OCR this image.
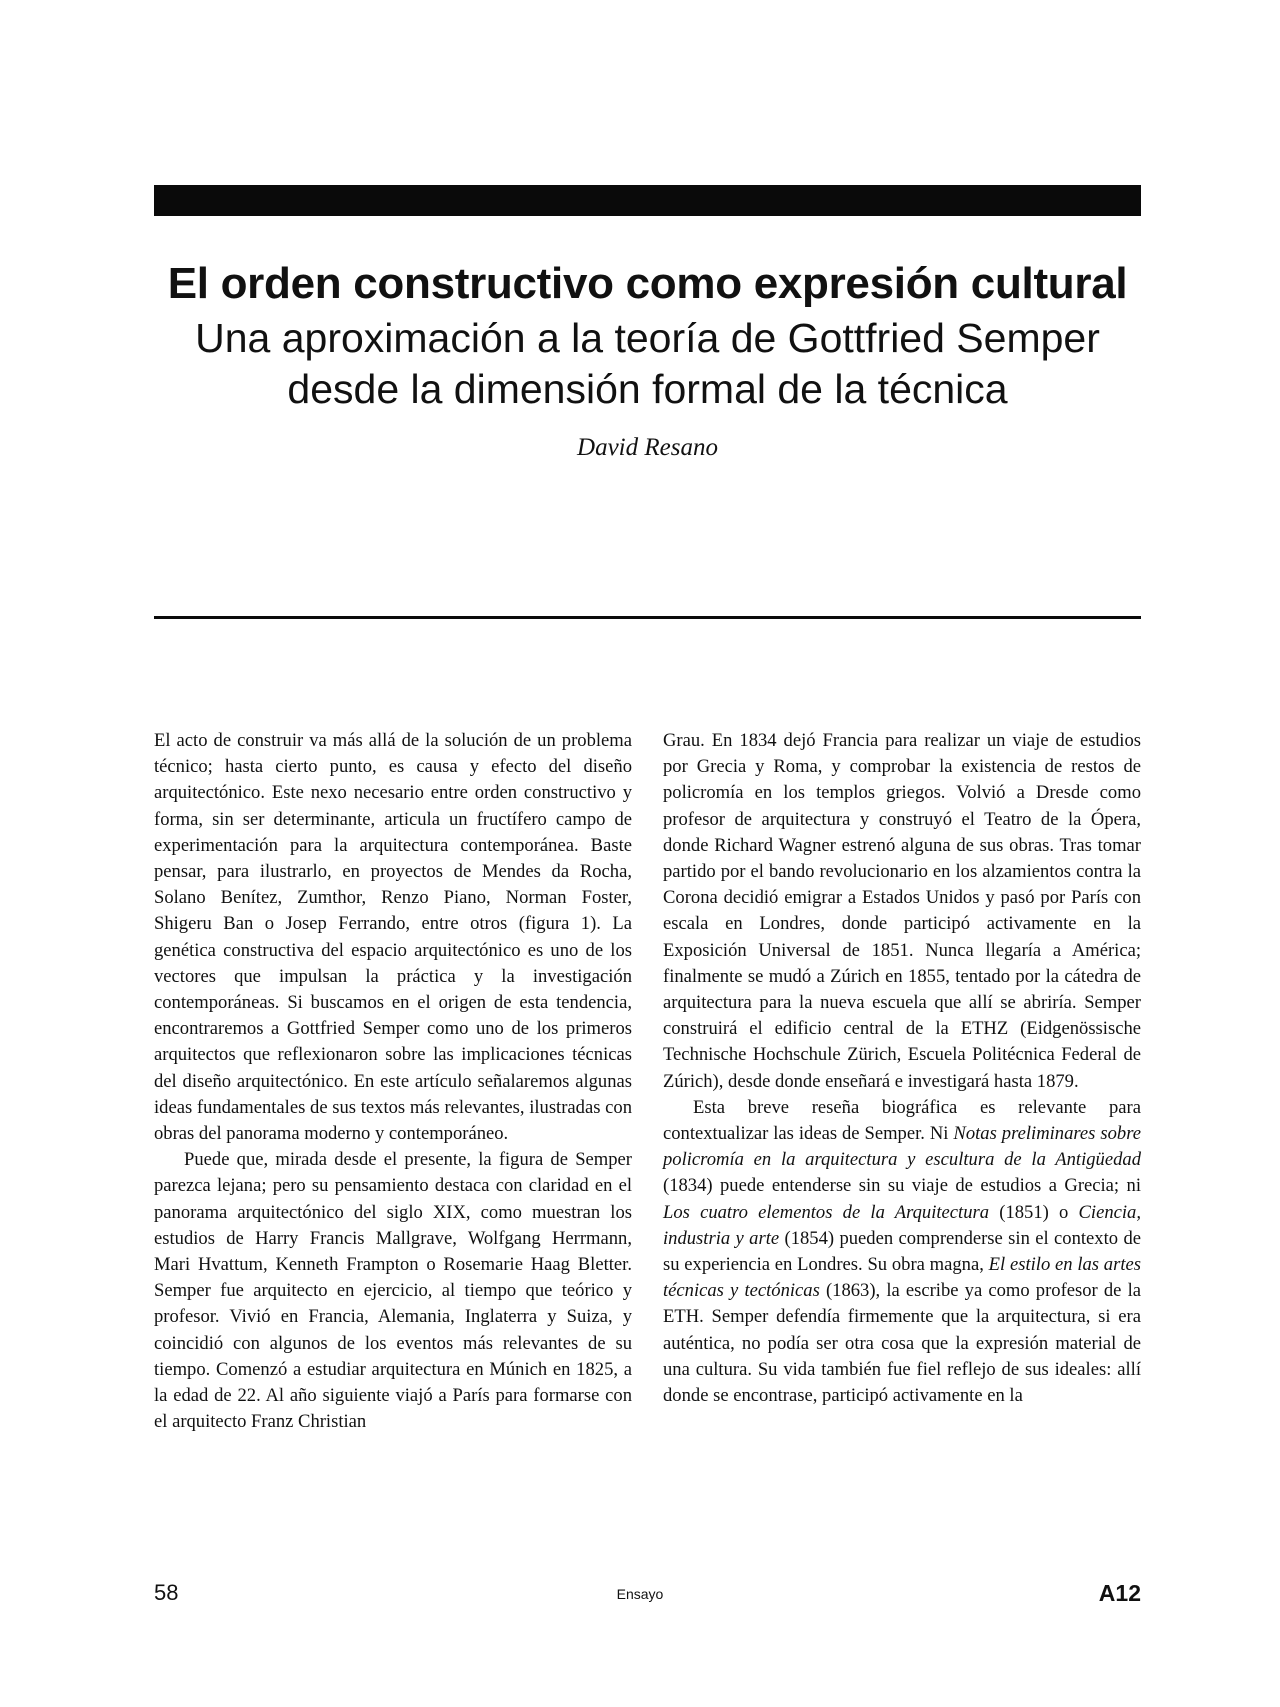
El orden constructivo como expresión cultural
Una aproximación a la teoría de Gottfried Semper desde la dimensión formal de la técnica

David Resano

El acto de construir va más allá de la solución de un problema técnico; hasta cierto punto, es causa y efecto del diseño arquitectónico. Este nexo necesario entre orden constructivo y forma, sin ser determinante, articula un fructífero campo de experimentación para la arquitectura contemporánea. Baste pensar, para ilustrarlo, en proyectos de Mendes da Rocha, Solano Benítez, Zumthor, Renzo Piano, Norman Foster, Shigeru Ban o Josep Ferrando, entre otros (figura 1). La genética constructiva del espacio arquitectónico es uno de los vectores que impulsan la práctica y la investigación contemporáneas. Si buscamos en el origen de esta tendencia, encontraremos a Gottfried Semper como uno de los primeros arquitectos que reflexionaron sobre las implicaciones técnicas del diseño arquitectónico. En este artículo señalaremos algunas ideas fundamentales de sus textos más relevantes, ilustradas con obras del panorama moderno y contemporáneo.

Puede que, mirada desde el presente, la figura de Semper parezca lejana; pero su pensamiento destaca con claridad en el panorama arquitectónico del siglo XIX, como muestran los estudios de Harry Francis Mallgrave, Wolfgang Herrmann, Mari Hvattum, Kenneth Frampton o Rosemarie Haag Bletter. Semper fue arquitecto en ejercicio, al tiempo que teórico y profesor. Vivió en Francia, Alemania, Inglaterra y Suiza, y coincidió con algunos de los eventos más relevantes de su tiempo. Comenzó a estudiar arquitectura en Múnich en 1825, a la edad de 22. Al año siguiente viajó a París para formarse con el arquitecto Franz Christian

Grau. En 1834 dejó Francia para realizar un viaje de estudios por Grecia y Roma, y comprobar la existencia de restos de policromía en los templos griegos. Volvió a Dresde como profesor de arquitectura y construyó el Teatro de la Ópera, donde Richard Wagner estrenó alguna de sus obras. Tras tomar partido por el bando revolucionario en los alzamientos contra la Corona decidió emigrar a Estados Unidos y pasó por París con escala en Londres, donde participó activamente en la Exposición Universal de 1851. Nunca llegaría a América; finalmente se mudó a Zúrich en 1855, tentado por la cátedra de arquitectura para la nueva escuela que allí se abriría. Semper construirá el edificio central de la ETHZ (Eidgenössische Technische Hochschule Zürich, Escuela Politécnica Federal de Zúrich), desde donde enseñará e investigará hasta 1879.

Esta breve reseña biográfica es relevante para contextualizar las ideas de Semper. Ni Notas preliminares sobre policromía en la arquitectura y escultura de la Antigüedad (1834) puede entenderse sin su viaje de estudios a Grecia; ni Los cuatro elementos de la Arquitectura (1851) o Ciencia, industria y arte (1854) pueden comprenderse sin el contexto de su experiencia en Londres. Su obra magna, El estilo en las artes técnicas y tectónicas (1863), la escribe ya como profesor de la ETH. Semper defendía firmemente que la arquitectura, si era auténtica, no podía ser otra cosa que la expresión material de una cultura. Su vida también fue fiel reflejo de sus ideales: allí donde se encontrase, participó activamente en la

58	Ensayo	A12
